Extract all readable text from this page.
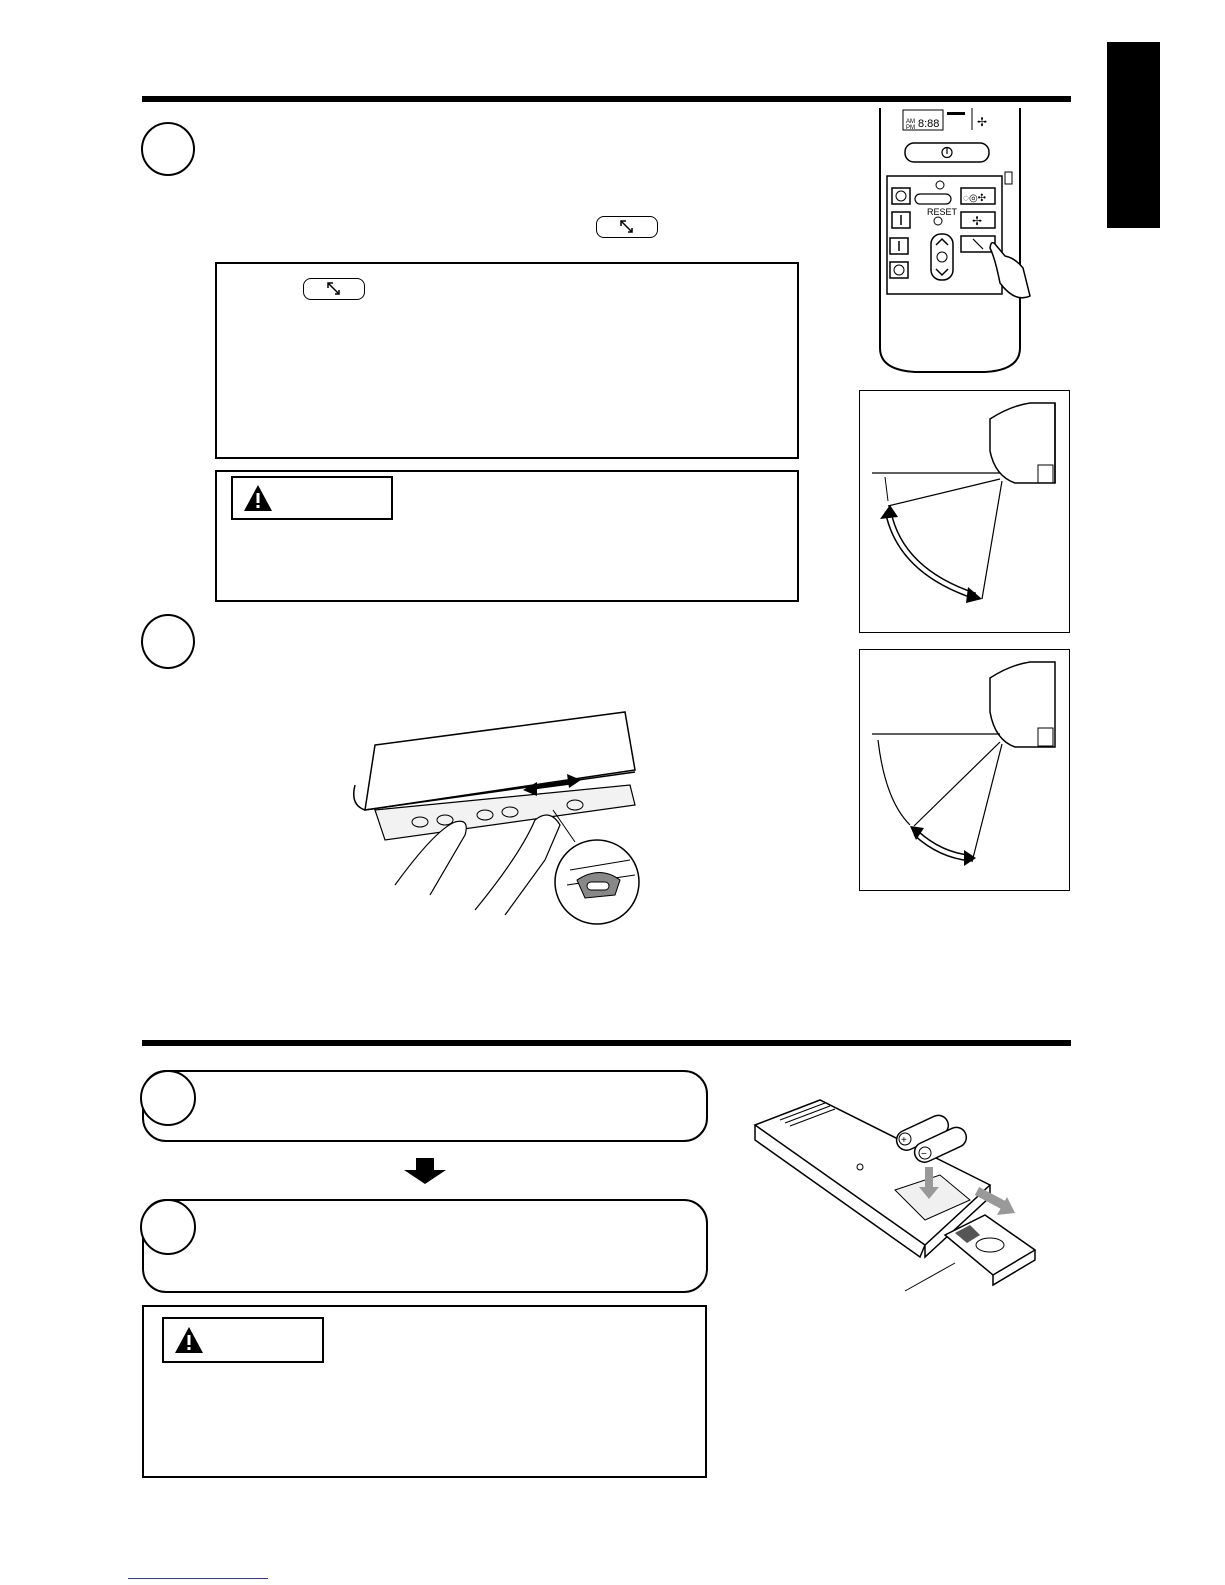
AM
PM 8:88	✢
RESET
◌◎✣
✢
+
−
